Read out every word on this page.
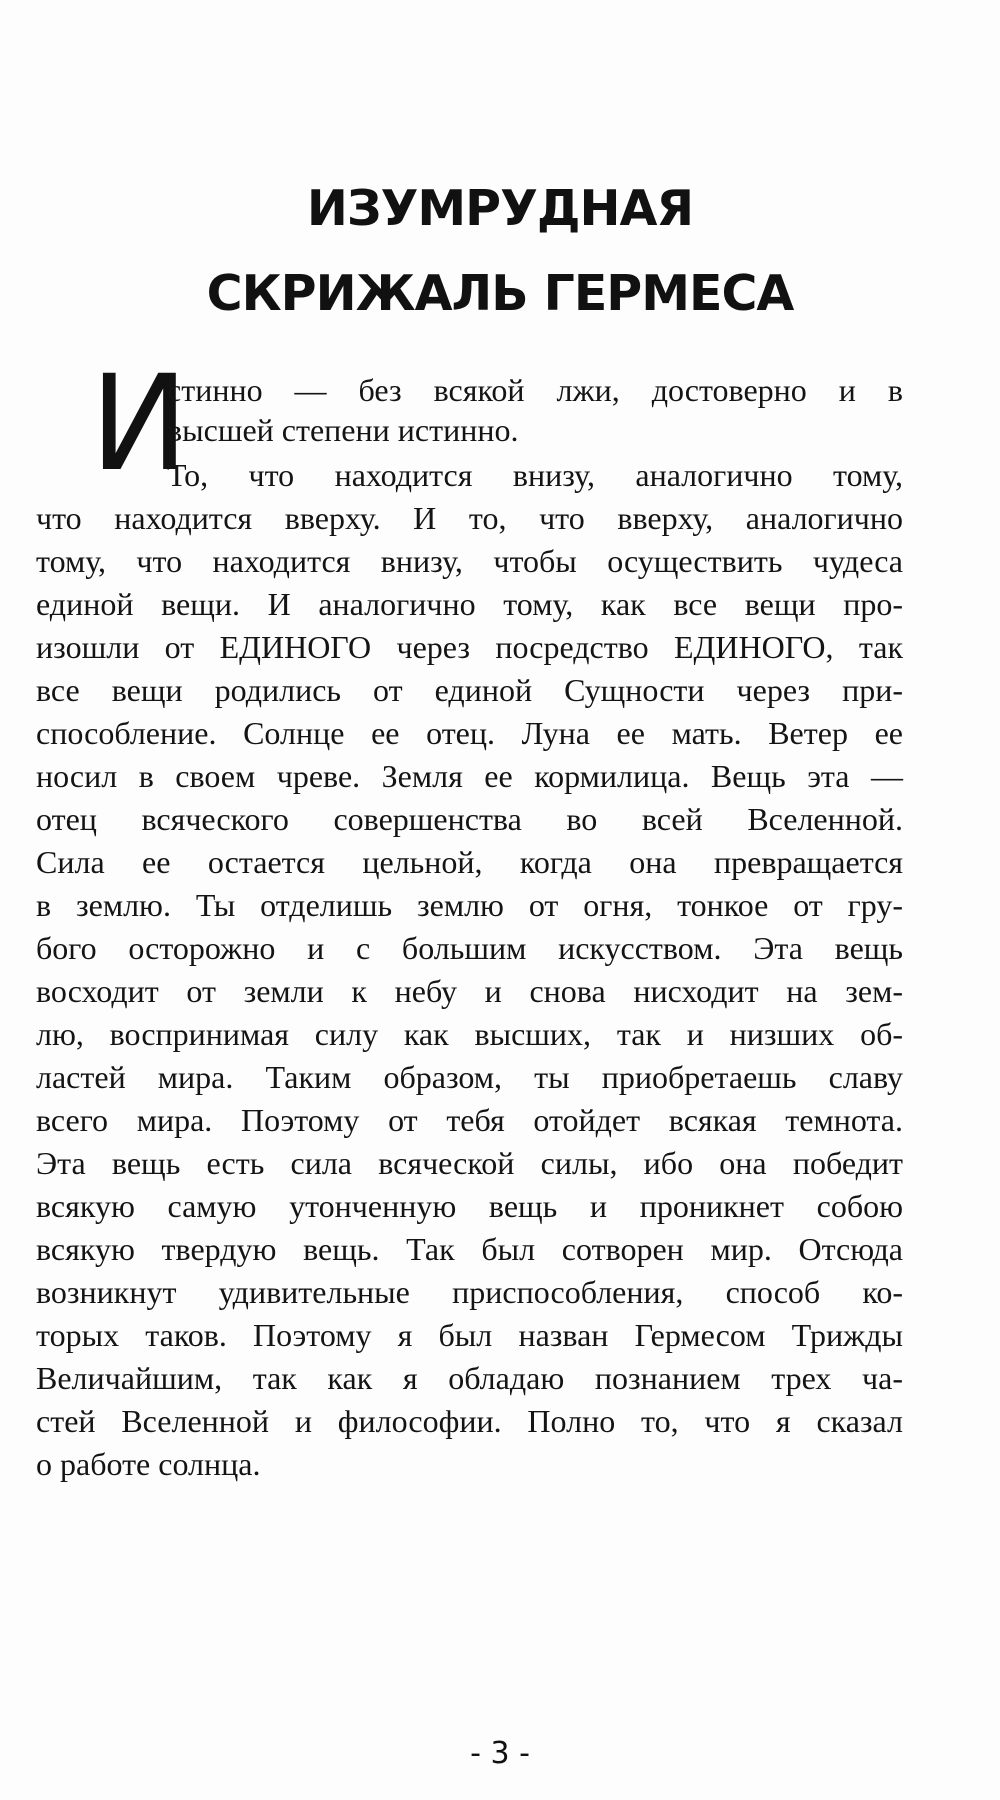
ИЗУМРУДНАЯ
СКРИЖАЛЬ ГЕРМЕСА
И
стинно — без всякой лжи, достоверно и в
высшей степени истинно.
То, что находится внизу, аналогично тому,
что находится вверху. И то, что вверху, аналогично
тому, что находится внизу, чтобы осуществить чудеса
единой вещи. И аналогично тому, как все вещи про-
изошли от ЕДИНОГО через посредство ЕДИНОГО, так
все вещи родились от единой Сущности через при-
способление. Солнце ее отец. Луна ее мать. Ветер ее
носил в своем чреве. Земля ее кормилица. Вещь эта —
отец всяческого совершенства во всей Вселенной.
Сила ее остается цельной, когда она превращается
в землю. Ты отделишь землю от огня, тонкое от гру-
бого осторожно и с большим искусством. Эта вещь
восходит от земли к небу и снова нисходит на зем-
лю, воспринимая силу как высших, так и низших об-
ластей мира. Таким образом, ты приобретаешь славу
всего мира. Поэтому от тебя отойдет всякая темнота.
Эта вещь есть сила всяческой силы, ибо она победит
всякую самую утонченную вещь и проникнет собою
всякую твердую вещь. Так был сотворен мир. Отсюда
возникнут удивительные приспособления, способ ко-
торых таков. Поэтому я был назван Гермесом Трижды
Величайшим, так как я обладаю познанием трех ча-
стей Вселенной и философии. Полно то, что я сказал
о работе солнца.
- 3 -
